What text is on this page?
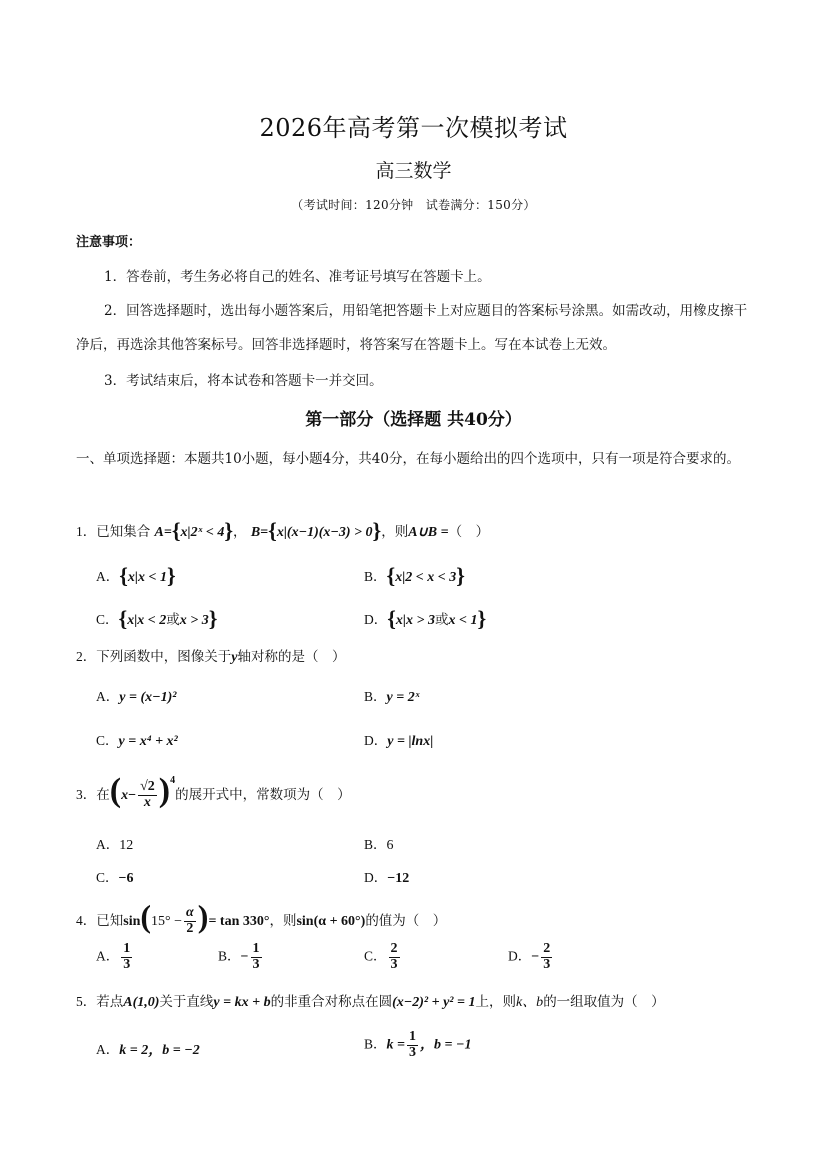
2026年高考第一次模拟考试
高三数学
（考试时间：120分钟　试卷满分：150分）
注意事项：
1．答卷前，考生务必将自己的姓名、准考证号填写在答题卡上。
2．回答选择题时，选出每小题答案后，用铅笔把答题卡上对应题目的答案标号涂黑。如需改动，用橡皮擦干净后，再选涂其他答案标号。回答非选择题时，将答案写在答题卡上。写在本试卷上无效。
3．考试结束后，将本试卷和答题卡一并交回。
第一部分（选择题 共40分）
一、单项选择题：本题共10小题，每小题4分，共40分，在每小题给出的四个选项中，只有一项是符合要求的。
1．已知集合 A={x|2ˣ < 4}， B={x|(x−1)(x−3) > 0}，则A∪B =（　）
A．{x|x < 1}	B．{x|2 < x < 3}
C．{x|x < 2或x > 3}	D．{x|x > 3或x < 1}
2．下列函数中，图像关于y轴对称的是（　）
A．y = (x−1)²	B．y = 2ˣ
C．y = x⁴ + x²	D．y = |lnx|
3．在$(x- \frac{√2}{x} )^4$的展开式中，常数项为（　）
A．12	B．6
C．−6	D．−12
4．已知$\sin(15^\circ - \frac{\alpha}{2}$ )= tan 330°，则sin(α + 60°)的值为（　）
A． $\frac{1}{3}$	B．− $\frac{1}{3}$	C． $\frac{2}{3}$	D．− $\frac{2}{3}$
5．若点A(1,0)关于直线y = kx + b的非重合对称点在圆(x−2)² + y² = 1上，则k、b的一组取值为（　）
A．k = 2，b = −2	B．$k = \frac{1}{3}$ ，b = −1
